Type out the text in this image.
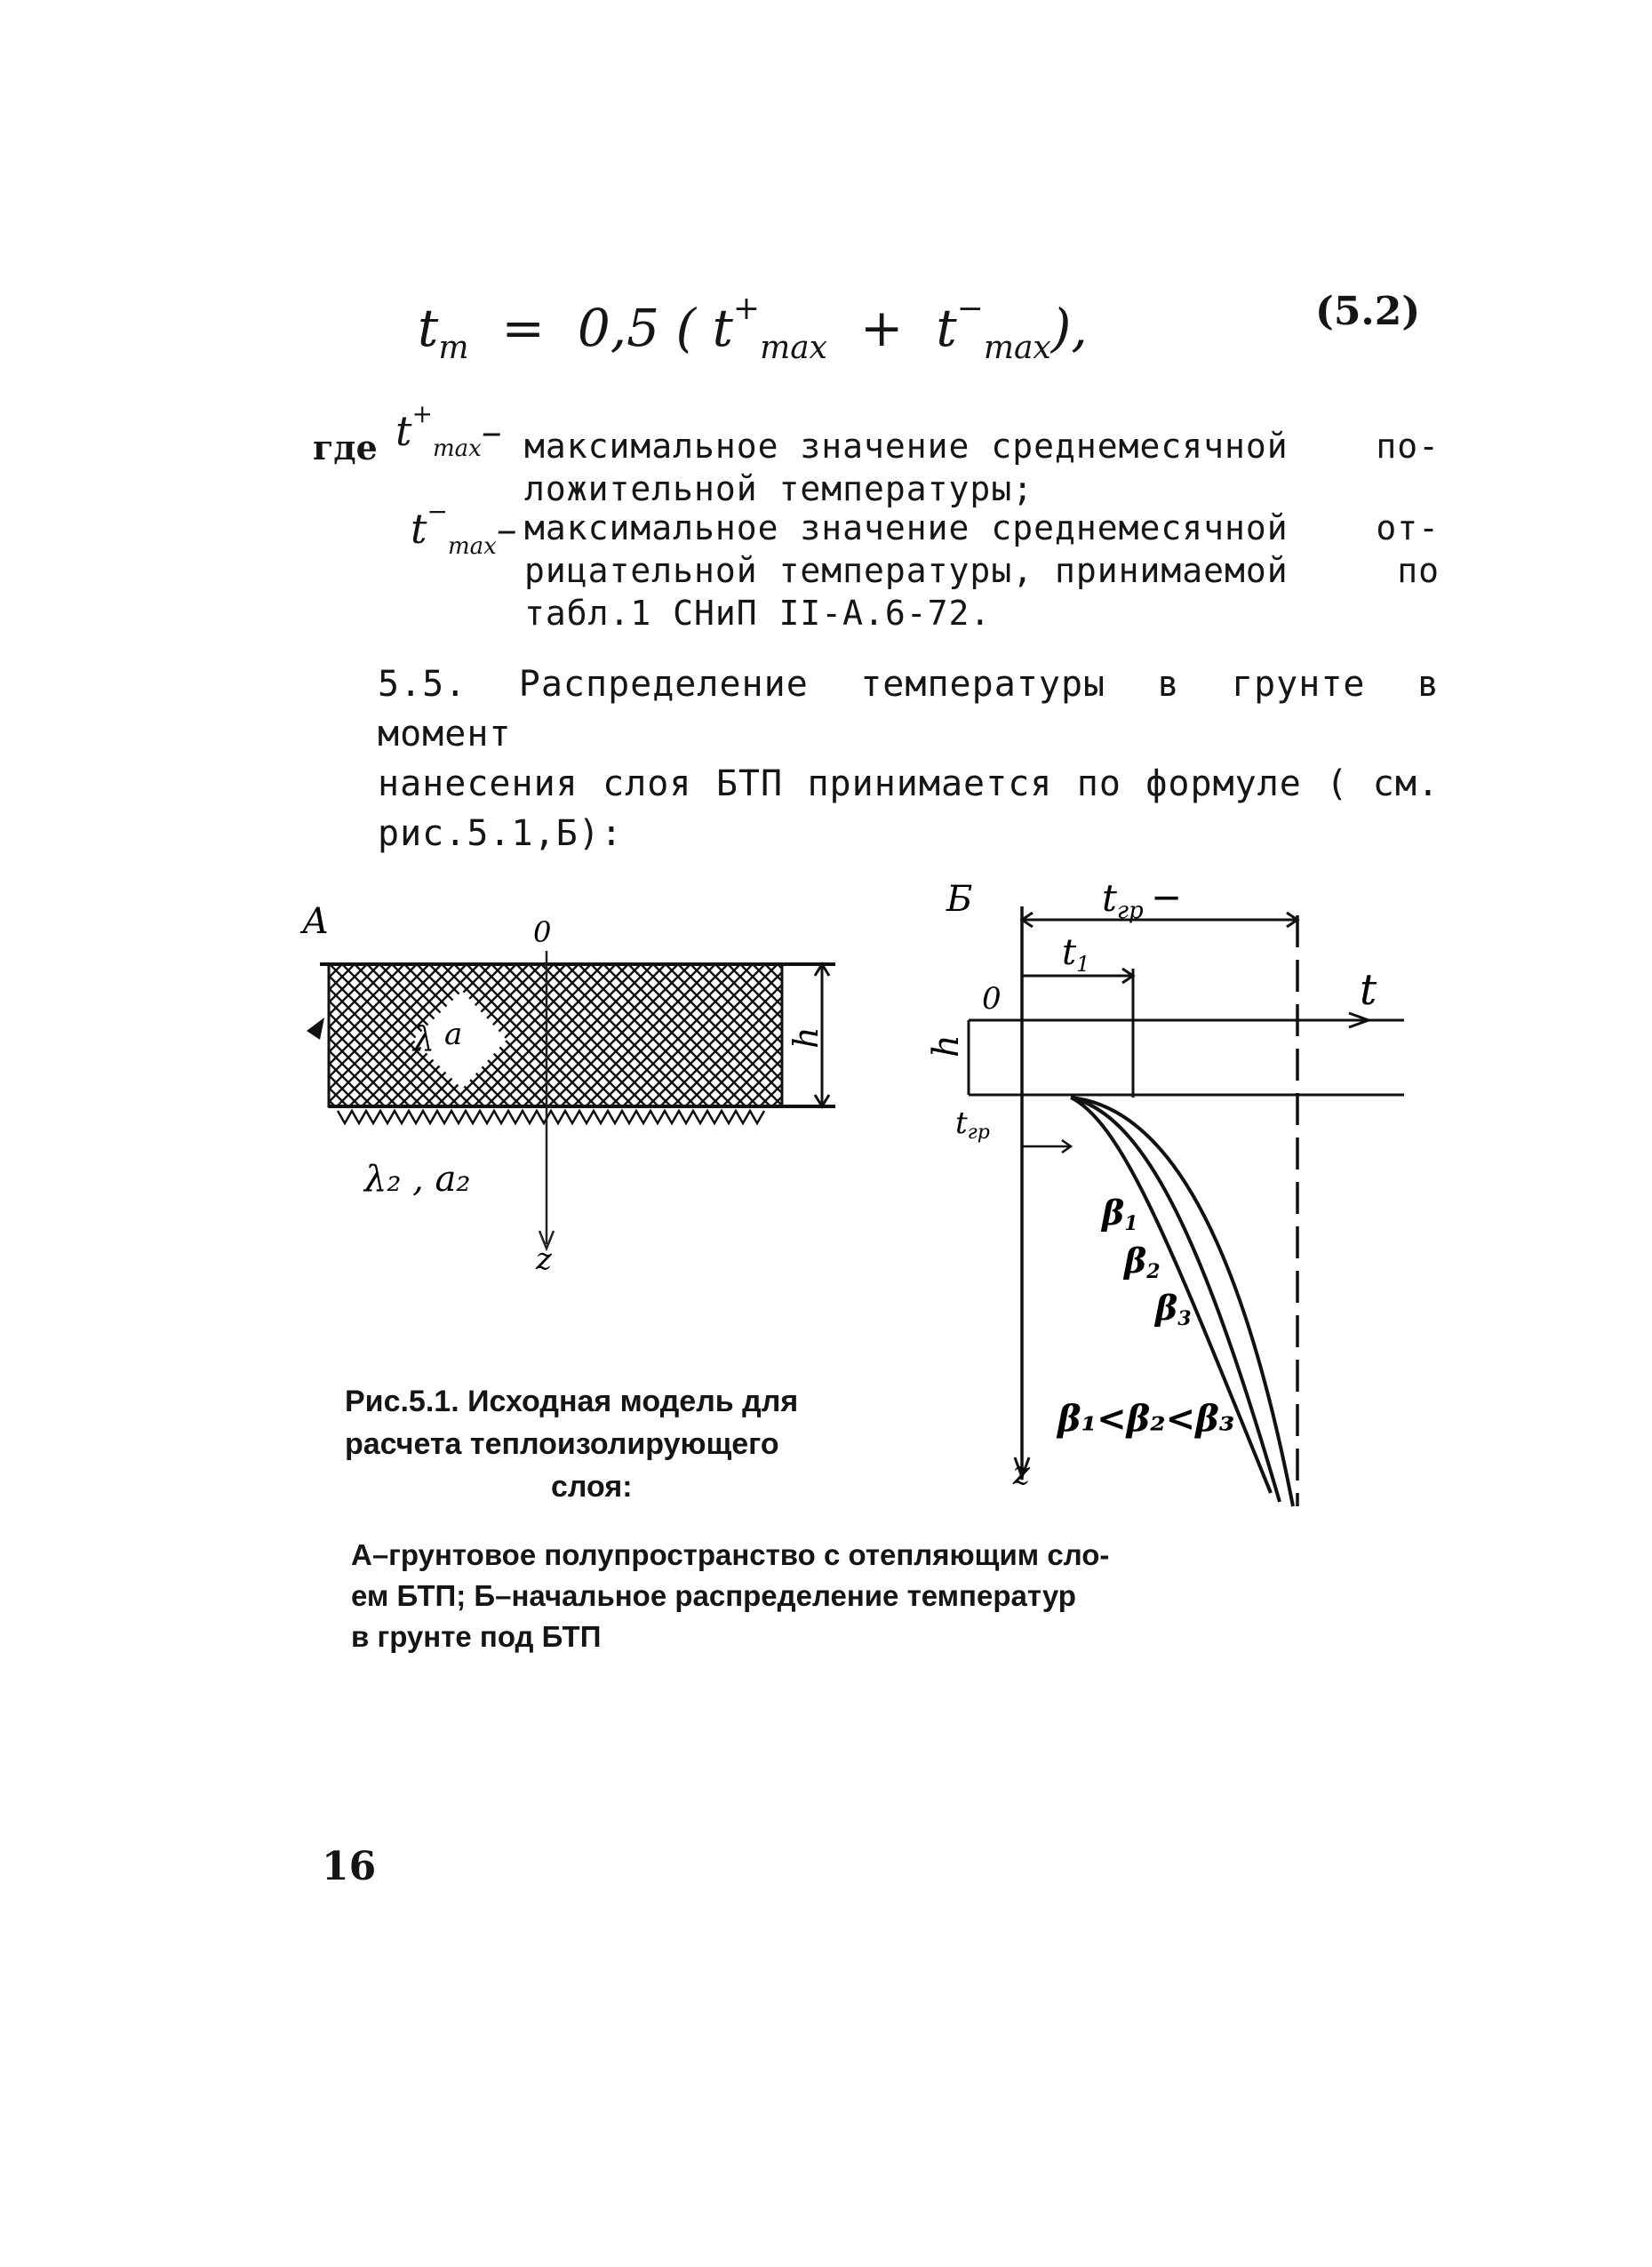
$t_m = 0,5$ ( $t^+_{max} + t^-_{max}$),	(5.2)
где $t^+_{max}-$ максимальное значение среднемесячной	по-
ложительной температуры;
$t^-_{max}-$ максимальное значение среднемесячной	от-
рицательной температуры, принимаемой	по
табл.1 СНиП II-А.6-72.
5.5. Распределение температуры в грунте в момент
нанесения слоя БТП принимается по формуле ( см.
рис.5.1,Б):
А	0
λ a	h
z
λ₂ , a₂
Б	tгр ─
$t_1$
0	t
h
z
tгр
β1
β2
β3
β₁<β₂<β₃
Рис.5.1. Исходная модель для
расчета теплоизолирующего
слоя:
А–грунтовое полупространство с отепляющим сло-
ем БТП; Б–начальное распределение температур
в грунте под БТП
16
